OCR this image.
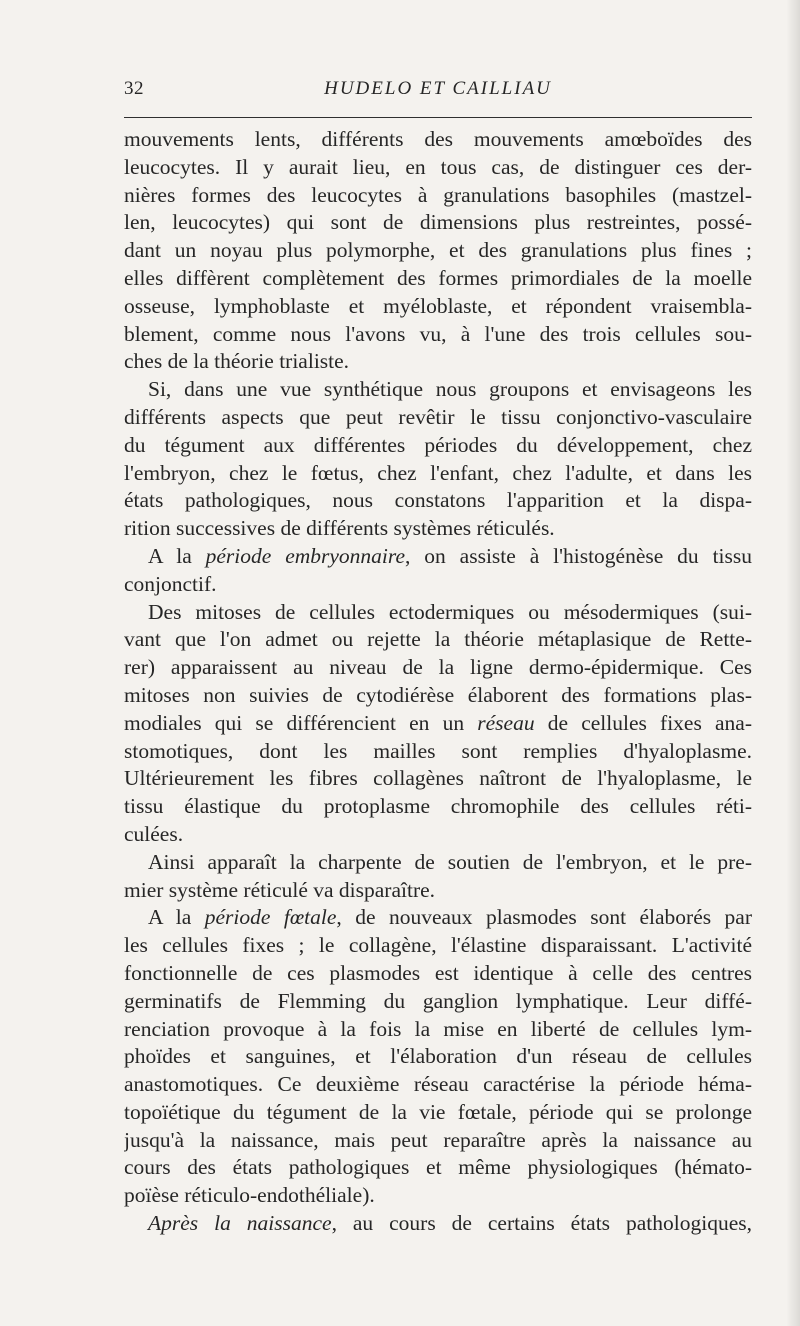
32	HUDELO ET CAILLIAU
mouvements lents, différents des mouvements amœboïdes des
leucocytes. Il y aurait lieu, en tous cas, de distinguer ces der-
nières formes des leucocytes à granulations basophiles (mastzel-
len, leucocytes) qui sont de dimensions plus restreintes, possé-
dant un noyau plus polymorphe, et des granulations plus fines ;
elles diffèrent complètement des formes primordiales de la moelle
osseuse, lymphoblaste et myéloblaste, et répondent vraisembla-
blement, comme nous l'avons vu, à l'une des trois cellules sou-
ches de la théorie trialiste.
Si, dans une vue synthétique nous groupons et envisageons les
différents aspects que peut revêtir le tissu conjonctivo-vasculaire
du tégument aux différentes périodes du développement, chez
l'embryon, chez le fœtus, chez l'enfant, chez l'adulte, et dans les
états pathologiques, nous constatons l'apparition et la dispa-
rition successives de différents systèmes réticulés.
A la période embryonnaire, on assiste à l'histogénèse du tissu
conjonctif.
Des mitoses de cellules ectodermiques ou mésodermiques (sui-
vant que l'on admet ou rejette la théorie métaplasique de Rette-
rer) apparaissent au niveau de la ligne dermo-épidermique. Ces
mitoses non suivies de cytodiérèse élaborent des formations plas-
modiales qui se différencient en un réseau de cellules fixes ana-
stomotiques, dont les mailles sont remplies d'hyaloplasme.
Ultérieurement les fibres collagènes naîtront de l'hyaloplasme, le
tissu élastique du protoplasme chromophile des cellules réti-
culées.
Ainsi apparaît la charpente de soutien de l'embryon, et le pre-
mier système réticulé va disparaître.
A la période fœtale, de nouveaux plasmodes sont élaborés par
les cellules fixes ; le collagène, l'élastine disparaissant. L'activité
fonctionnelle de ces plasmodes est identique à celle des centres
germinatifs de Flemming du ganglion lymphatique. Leur diffé-
renciation provoque à la fois la mise en liberté de cellules lym-
phoïdes et sanguines, et l'élaboration d'un réseau de cellules
anastomotiques. Ce deuxième réseau caractérise la période héma-
topoïétique du tégument de la vie fœtale, période qui se prolonge
jusqu'à la naissance, mais peut reparaître après la naissance au
cours des états pathologiques et même physiologiques (hémato-
poïèse réticulo-endothéliale).
Après la naissance, au cours de certains états pathologiques,
